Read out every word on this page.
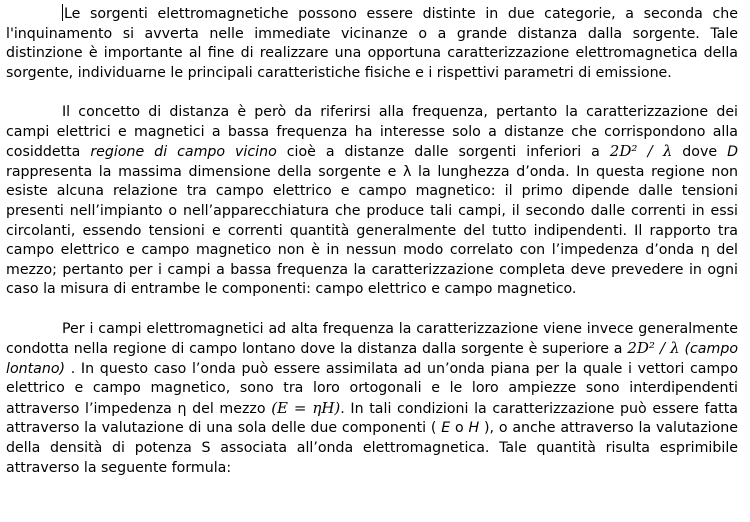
Le sorgenti elettromagnetiche possono essere distinte in due categorie, a seconda che l'inquinamento si avverta nelle immediate vicinanze o a grande distanza dalla sorgente. Tale distinzione è importante al fine di realizzare una opportuna caratterizzazione elettromagnetica della sorgente, individuarne le principali caratteristiche fisiche e i rispettivi parametri di emissione.

Il concetto di distanza è però da riferirsi alla frequenza, pertanto la caratterizzazione dei campi elettrici e magnetici a bassa frequenza ha interesse solo a distanze che corrispondono alla cosiddetta regione di campo vicino cioè a distanze dalle sorgenti inferiori a 2D² / λ dove D rappresenta la massima dimensione della sorgente e λ la lunghezza d’onda. In questa regione non esiste alcuna relazione tra campo elettrico e campo magnetico: il primo dipende dalle tensioni presenti nell’impianto o nell’apparecchiatura che produce tali campi, il secondo dalle correnti in essi circolanti, essendo tensioni e correnti quantità generalmente del tutto indipendenti. Il rapporto tra campo elettrico e campo magnetico non è in nessun modo correlato con l’impedenza d’onda η del mezzo; pertanto per i campi a bassa frequenza la caratterizzazione completa deve prevedere in ogni caso la misura di entrambe le componenti: campo elettrico e campo magnetico.

Per i campi elettromagnetici ad alta frequenza la caratterizzazione viene invece generalmente condotta nella regione di campo lontano dove la distanza dalla sorgente è superiore a 2D² / λ (campo lontano) . In questo caso l’onda può essere assimilata ad un’onda piana per la quale i vettori campo elettrico e campo magnetico, sono tra loro ortogonali e le loro ampiezze sono interdipendenti attraverso l’impedenza η del mezzo (E = ηH). In tali condizioni la caratterizzazione può essere fatta attraverso la valutazione di una sola delle due componenti ( E o H ), o anche attraverso la valutazione della densità di potenza S associata all’onda elettromagnetica. Tale quantità risulta esprimibile attraverso la seguente formula:
